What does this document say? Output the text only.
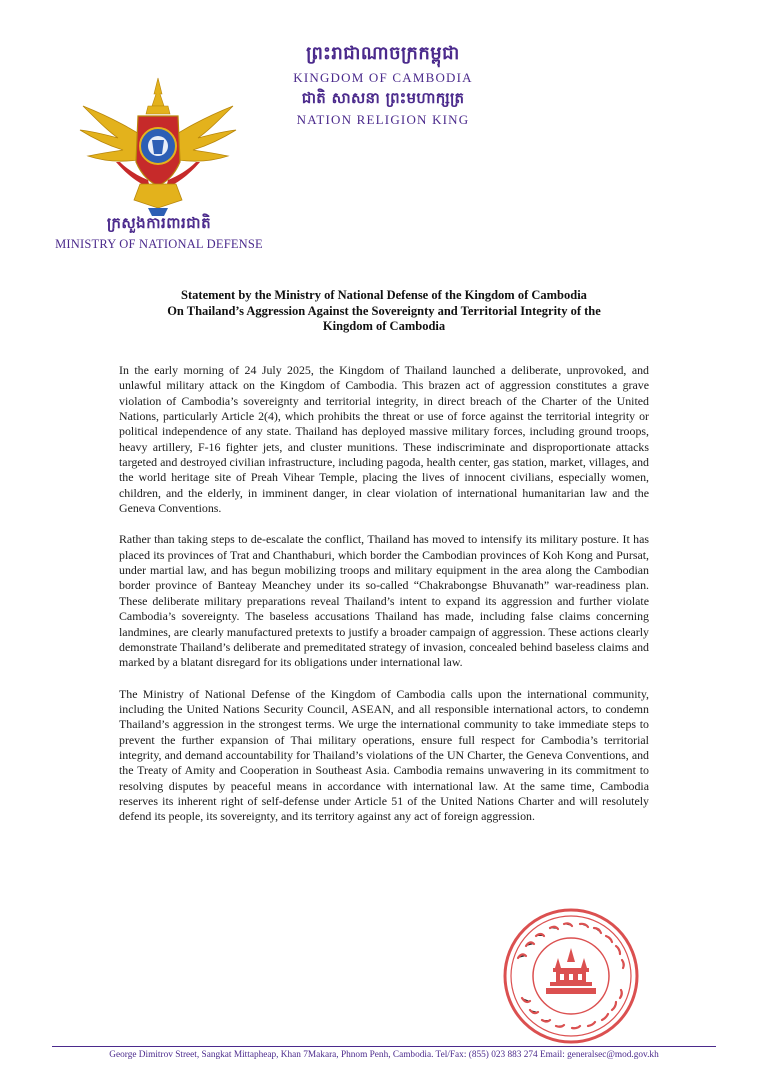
ក្រសួងការពារជាតិ
MINISTRY OF NATIONAL DEFENSE
ព្រះរាជាណាចក្រកម្ពុជា
KINGDOM OF CAMBODIA
ជាតិ សាសនា ព្រះមហាក្សត្រ
NATION RELIGION KING
Statement by the Ministry of National Defense of the Kingdom of Cambodia
On Thailand’s Aggression Against the Sovereignty and Territorial Integrity of the
Kingdom of Cambodia

In the early morning of 24 July 2025, the Kingdom of Thailand launched a deliberate, unprovoked, and unlawful military attack on the Kingdom of Cambodia. This brazen act of aggression constitutes a grave violation of Cambodia’s sovereignty and territorial integrity, in direct breach of the Charter of the United Nations, particularly Article 2(4), which prohibits the threat or use of force against the territorial integrity or political independence of any state. Thailand has deployed massive military forces, including ground troops, heavy artillery, F-16 fighter jets, and cluster munitions. These indiscriminate and disproportionate attacks targeted and destroyed civilian infrastructure, including pagoda, health center, gas station, market, villages, and the world heritage site of Preah Vihear Temple, placing the lives of innocent civilians, especially women, children, and the elderly, in imminent danger, in clear violation of international humanitarian law and the Geneva Conventions.

Rather than taking steps to de-escalate the conflict, Thailand has moved to intensify its military posture. It has placed its provinces of Trat and Chanthaburi, which border the Cambodian provinces of Koh Kong and Pursat, under martial law, and has begun mobilizing troops and military equipment in the area along the Cambodian border province of Banteay Meanchey under its so-called “Chakrabongse Bhuvanath” war-readiness plan. These deliberate military preparations reveal Thailand’s intent to expand its aggression and further violate Cambodia’s sovereignty. The baseless accusations Thailand has made, including false claims concerning landmines, are clearly manufactured pretexts to justify a broader campaign of aggression. These actions clearly demonstrate Thailand’s deliberate and premeditated strategy of invasion, concealed behind baseless claims and marked by a blatant disregard for its obligations under international law.

The Ministry of National Defense of the Kingdom of Cambodia calls upon the international community, including the United Nations Security Council, ASEAN, and all responsible international actors, to condemn Thailand’s aggression in the strongest terms. We urge the international community to take immediate steps to prevent the further expansion of Thai military operations, ensure full respect for Cambodia’s territorial integrity, and demand accountability for Thailand’s violations of the UN Charter, the Geneva Conventions, and the Treaty of Amity and Cooperation in Southeast Asia. Cambodia remains unwavering in its commitment to resolving disputes by peaceful means in accordance with international law. At the same time, Cambodia reserves its inherent right of self-defense under Article 51 of the United Nations Charter and will resolutely defend its people, its sovereignty, and its territory against any act of foreign aggression.

George Dimitrov Street, Sangkat Mittapheap, Khan 7Makara, Phnom Penh, Cambodia. Tel/Fax: (855) 023 883 274 Email: generalsec@mod.gov.kh
